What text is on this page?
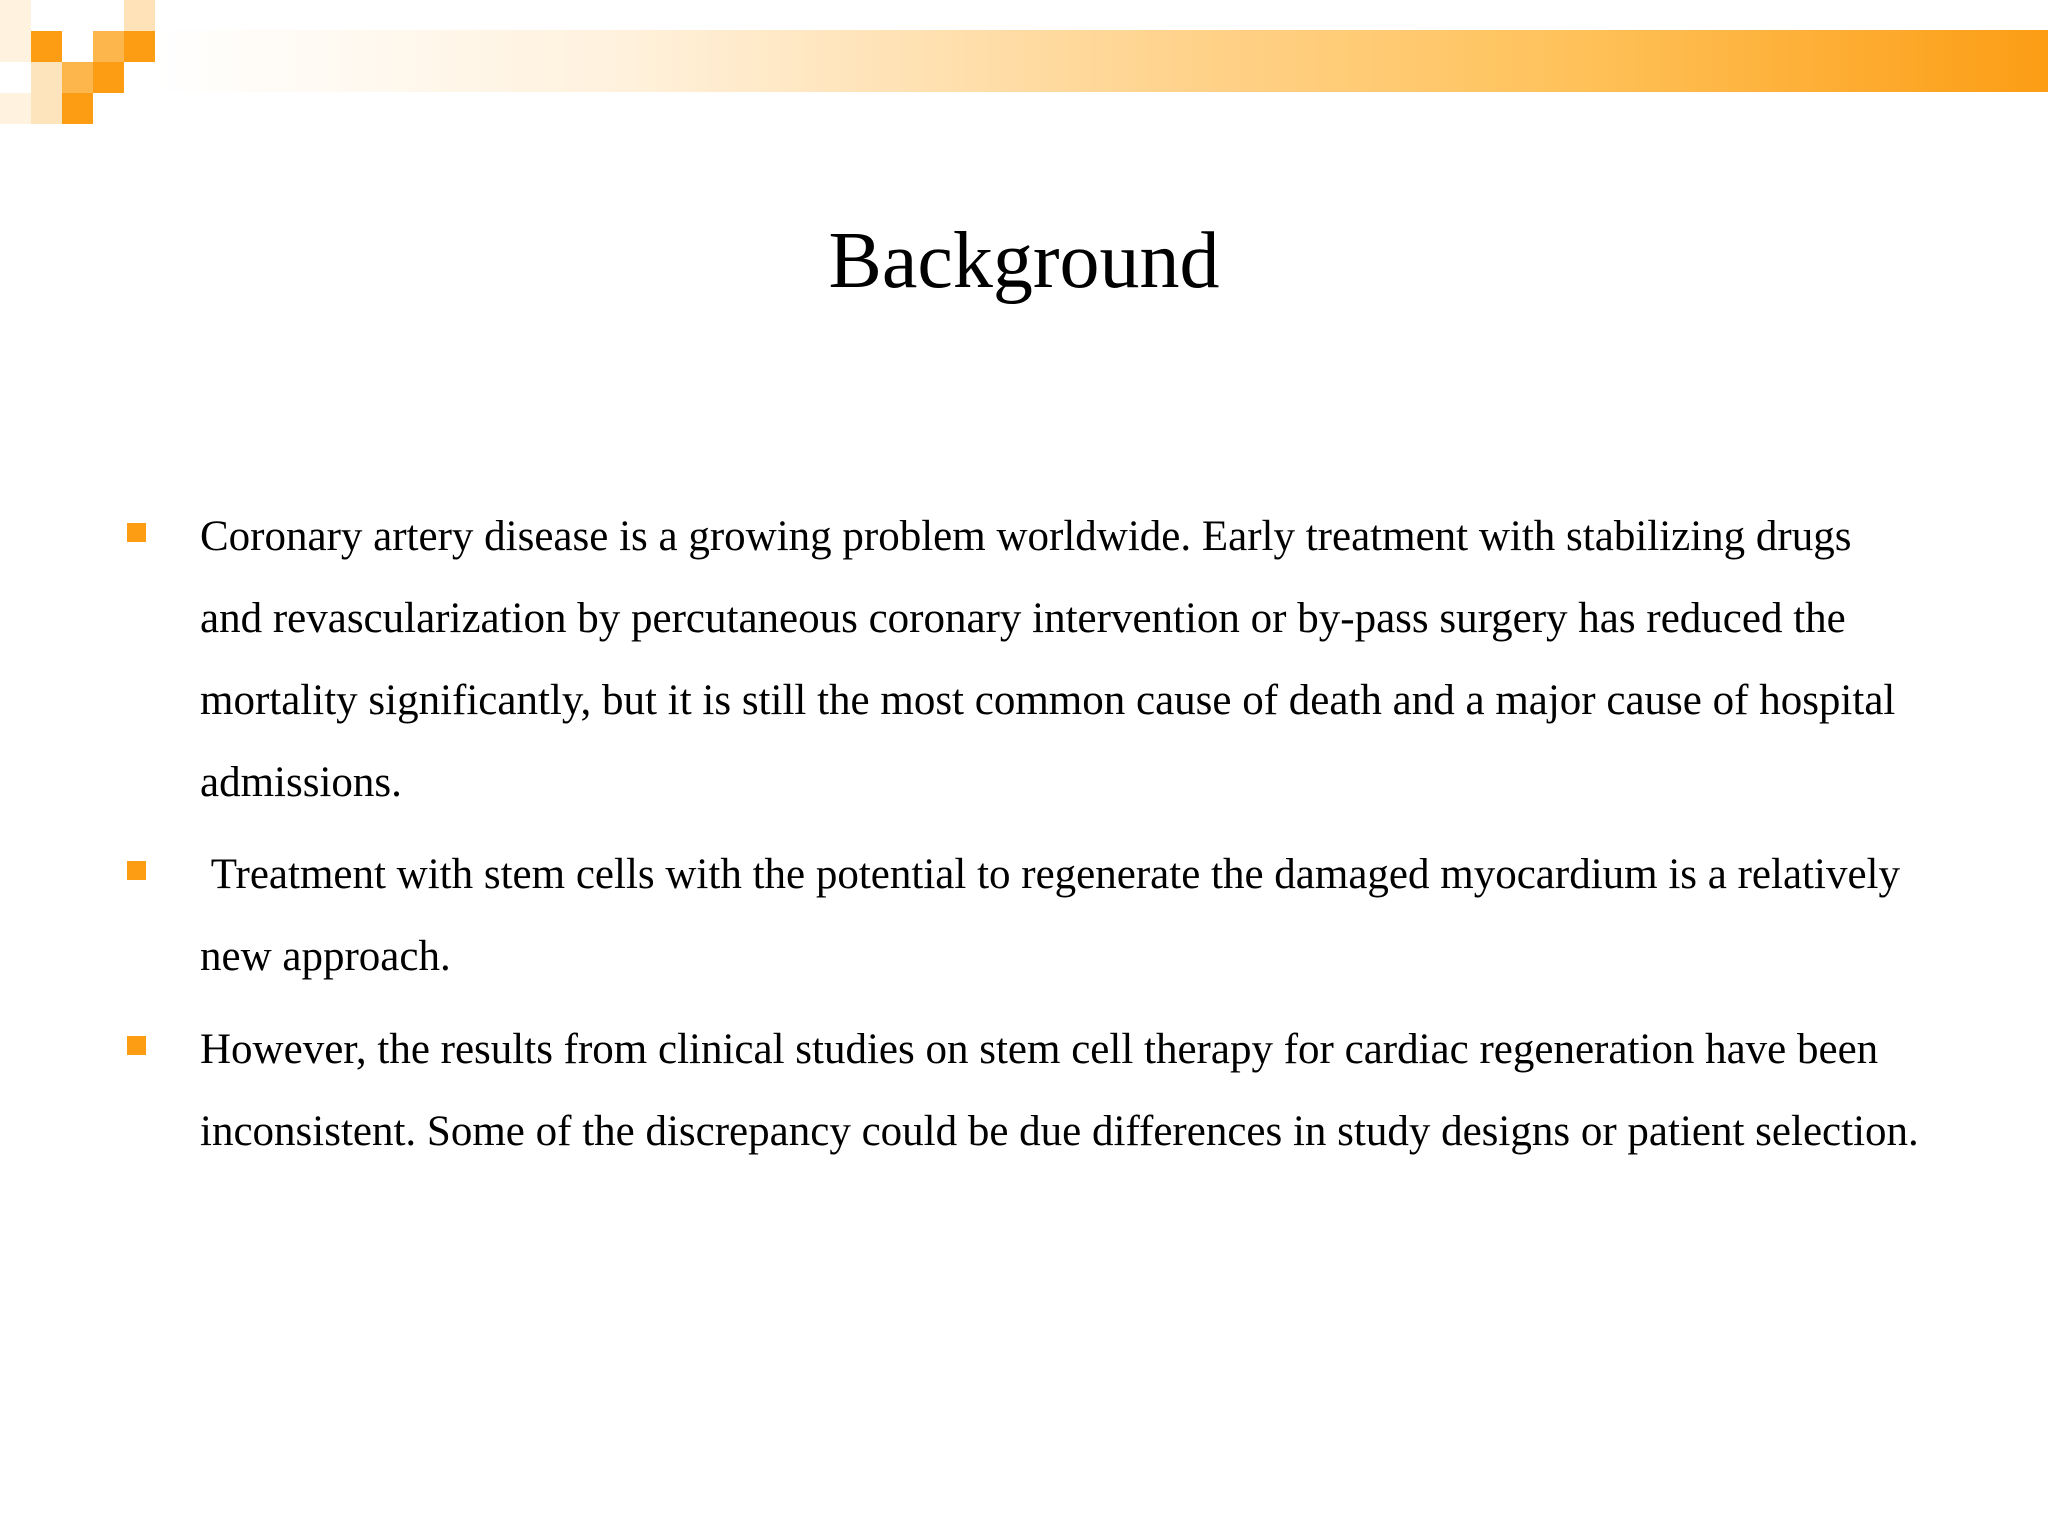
Background
Coronary artery disease is a growing problem worldwide. Early treatment with stabilizing drugs and revascularization by percutaneous coronary intervention or by-pass surgery has reduced the mortality significantly, but it is still the most common cause of death and a major cause of hospital admissions.
Treatment with stem cells with the potential to regenerate the damaged myocardium is a relatively new approach.
However, the results from clinical studies on stem cell therapy for cardiac regeneration have been inconsistent. Some of the discrepancy could be due differences in study designs or patient selection.
